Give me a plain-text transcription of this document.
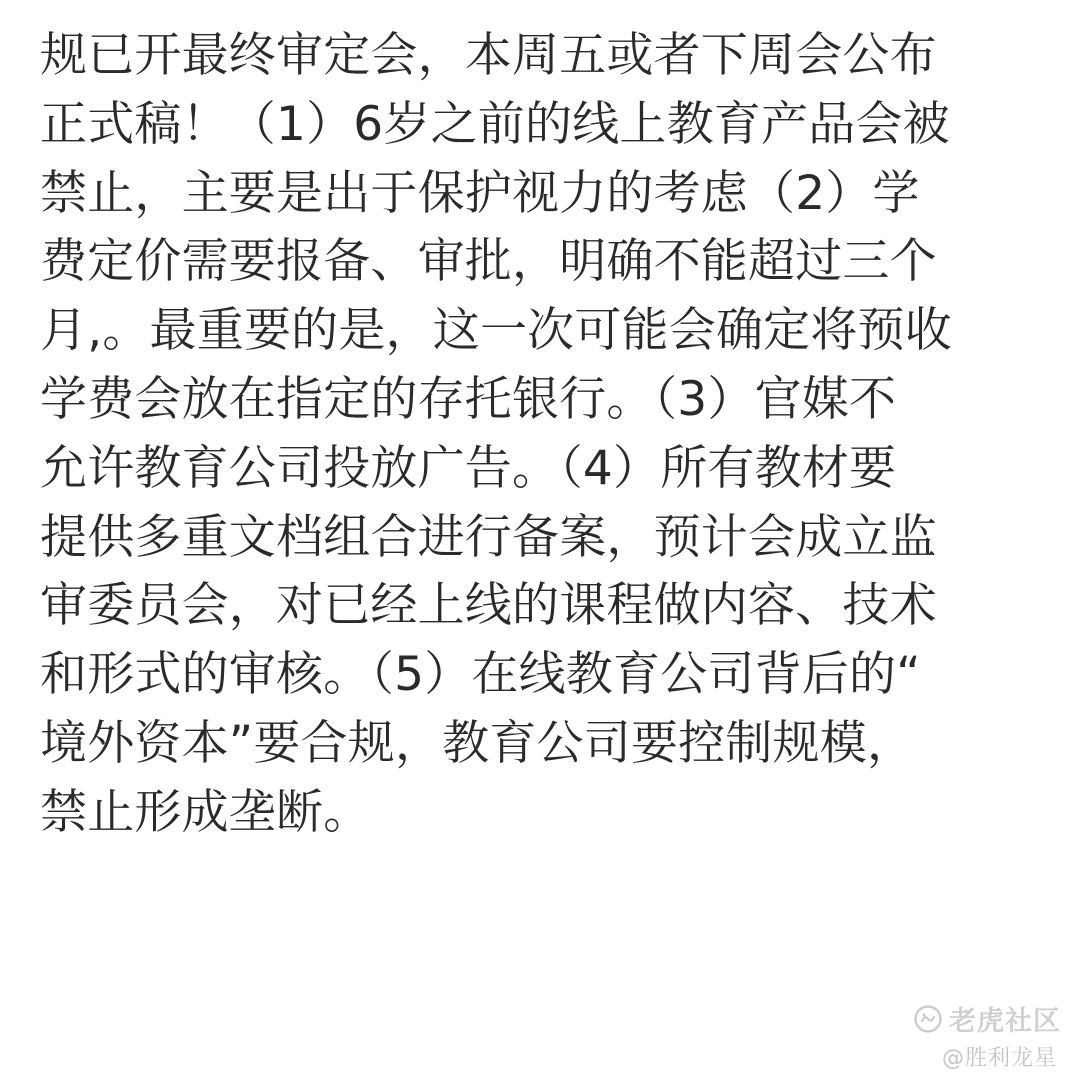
规已开最终审定会，本周五或者下周会公布
正式稿！（1）6岁之前的线上教育产品会被
禁止，主要是出于保护视力的考虑（2）学
费定价需要报备、审批，明确不能超过三个
月,。最重要的是，这一次可能会确定将预收
学费会放在指定的存托银行。（3）官媒不
允许教育公司投放广告。（4）所有教材要
提供多重文档组合进行备案，预计会成立监
审委员会，对已经上线的课程做内容、技术
和形式的审核。（5）在线教育公司背后的“
境外资本”要合规，教育公司要控制规模，
禁止形成垄断。
老虎社区
@胜利龙星
